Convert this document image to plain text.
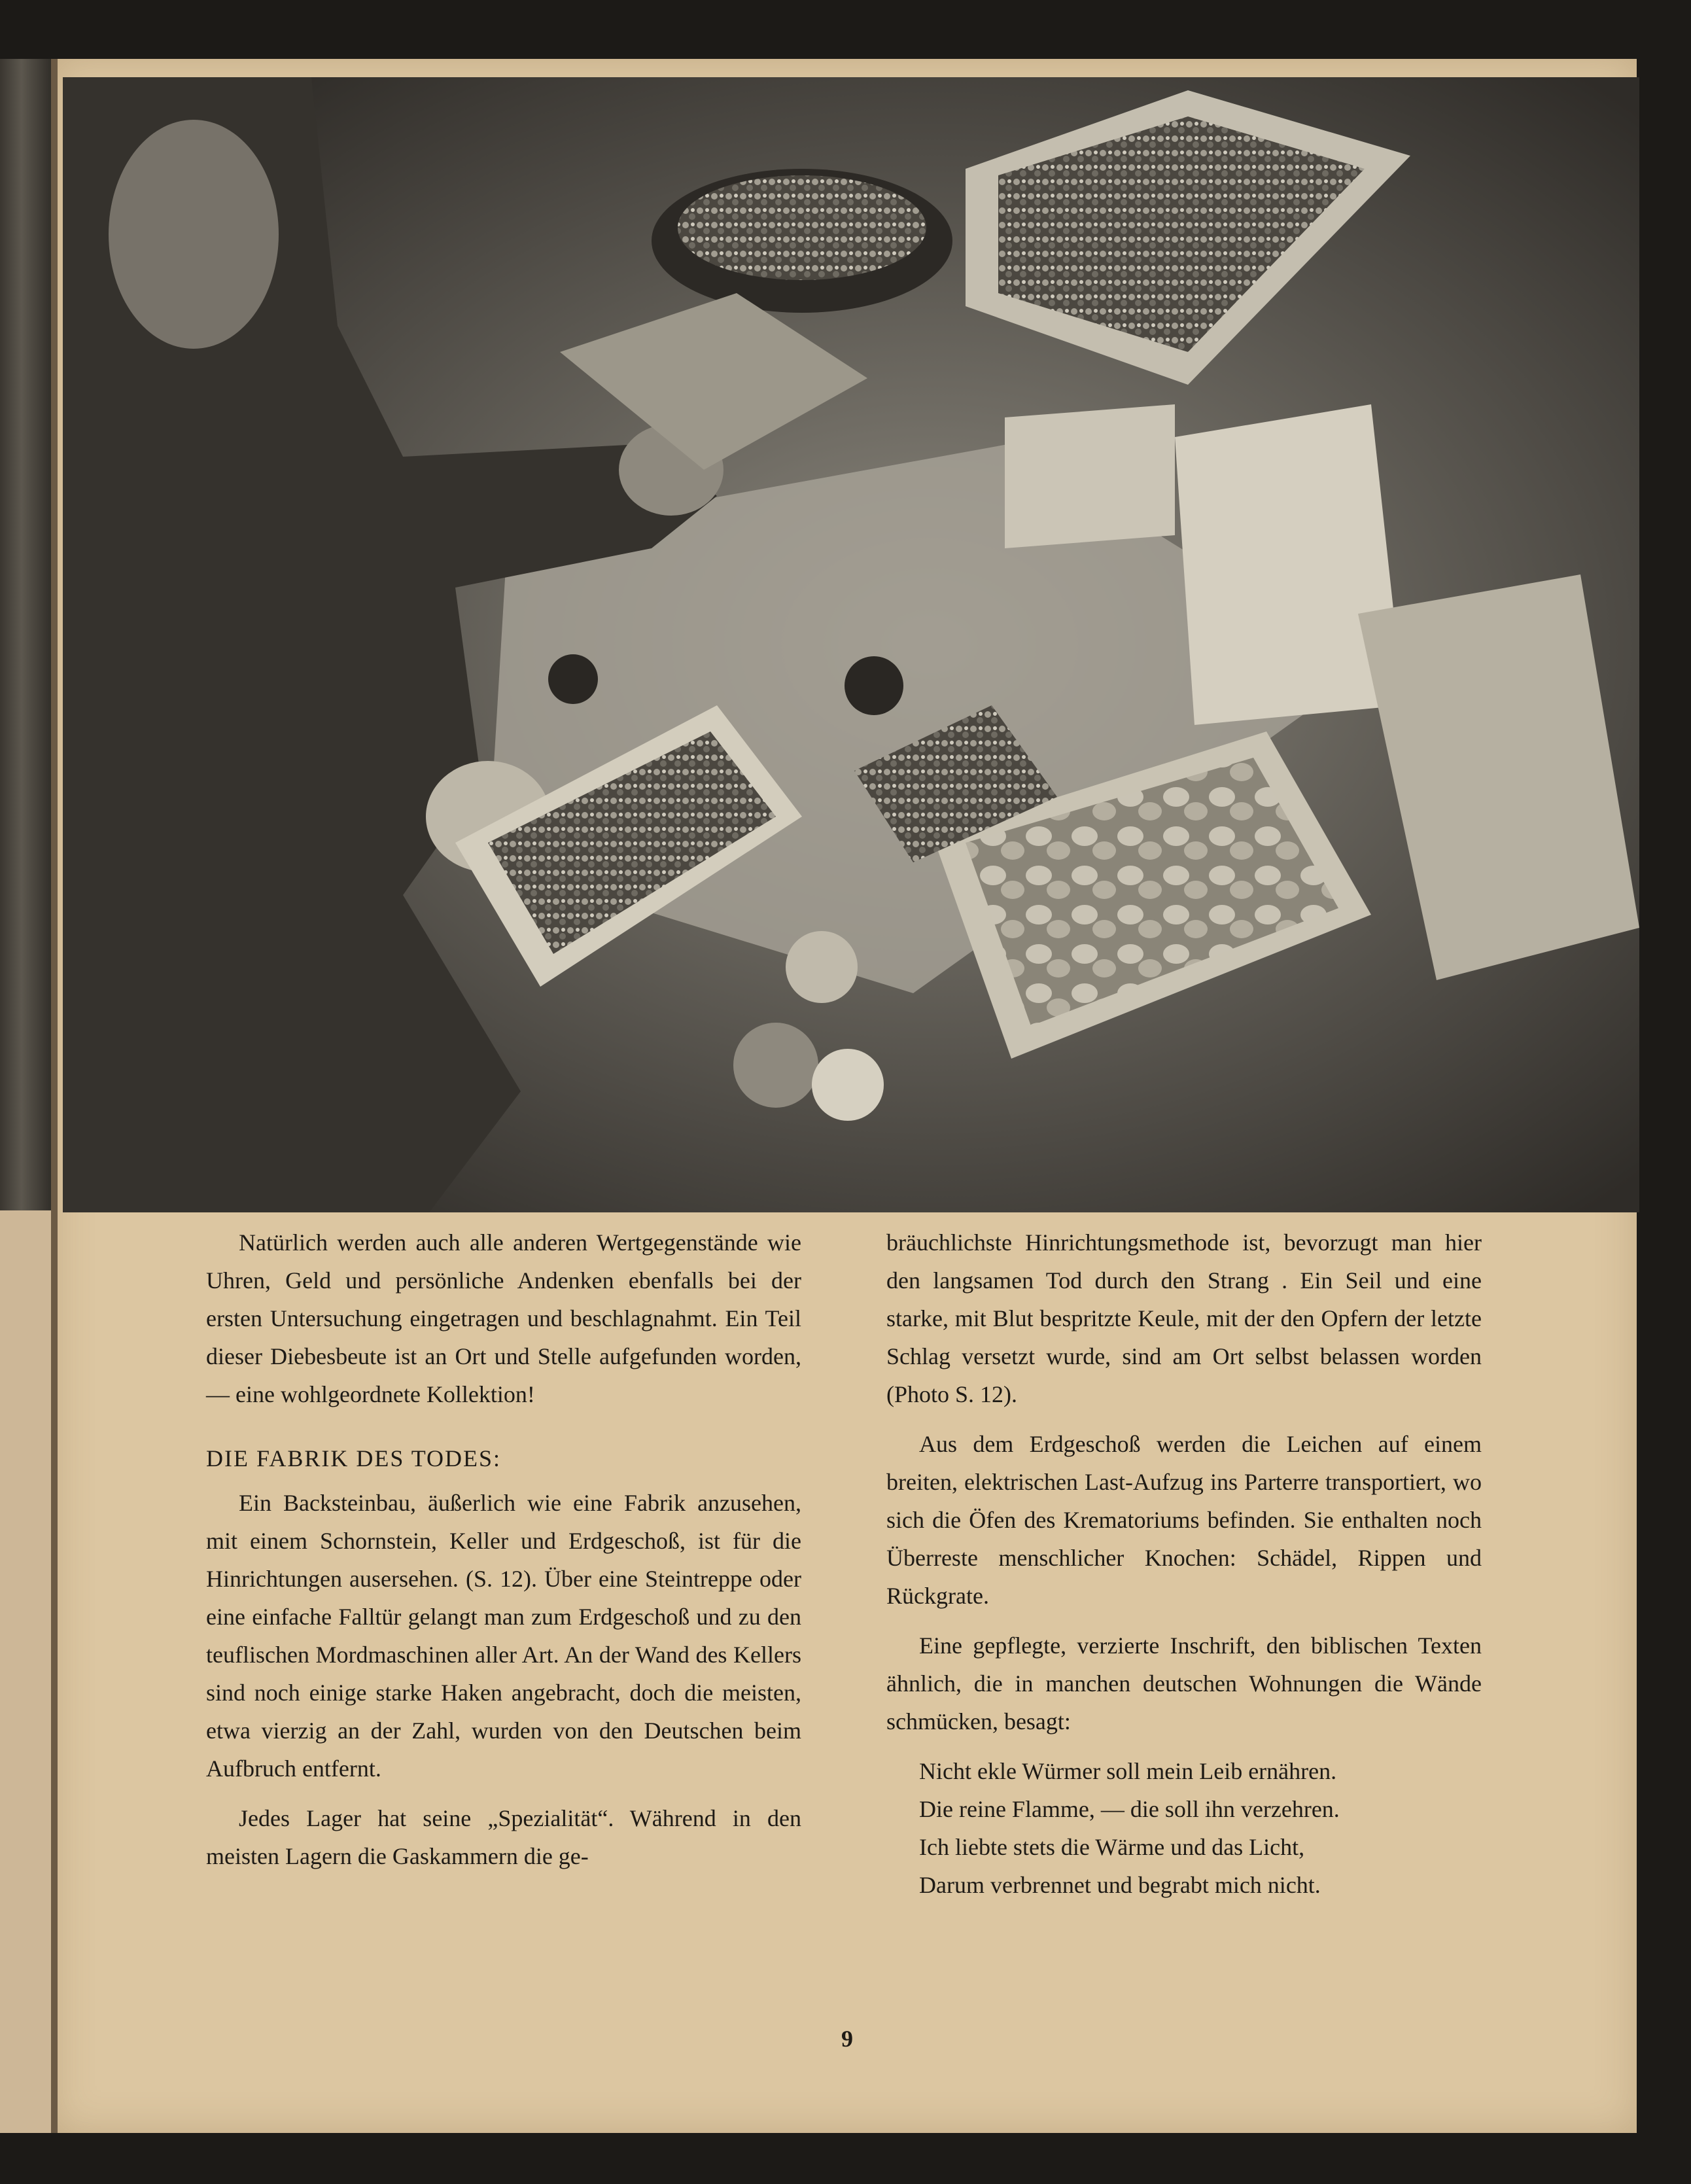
Natürlich werden auch alle anderen Wertgegenstände wie Uhren, Geld und persönliche Andenken ebenfalls bei der ersten Untersuchung eingetragen und beschlagnahmt. Ein Teil dieser Diebesbeute ist an Ort und Stelle aufgefunden worden, — eine wohlgeordnete Kollektion!

DIE FABRIK DES TODES:

Ein Backsteinbau, äußerlich wie eine Fabrik anzusehen, mit einem Schornstein, Keller und Erdgeschoß, ist für die Hinrichtungen ausersehen. (S. 12). Über eine Steintreppe oder eine einfache Falltür gelangt man zum Erdgeschoß und zu den teuflischen Mordmaschinen aller Art. An der Wand des Kellers sind noch einige starke Haken angebracht, doch die meisten, etwa vierzig an der Zahl, wurden von den Deutschen beim Aufbruch entfernt.

Jedes Lager hat seine „Spezialität“. Während in den meisten Lagern die Gaskammern die ge-

bräuchlichste Hinrichtungsmethode ist, bevorzugt man hier den langsamen Tod durch den Strang . Ein Seil und eine starke, mit Blut bespritzte Keule, mit der den Opfern der letzte Schlag versetzt wurde, sind am Ort selbst belassen worden (Photo S. 12).

Aus dem Erdgeschoß werden die Leichen auf einem breiten, elektrischen Last-Aufzug ins Parterre transportiert, wo sich die Öfen des Krematoriums befinden. Sie enthalten noch Überreste menschlicher Knochen: Schädel, Rippen und Rückgrate.

Eine gepflegte, verzierte Inschrift, den biblischen Texten ähnlich, die in manchen deutschen Wohnungen die Wände schmücken, besagt:

Nicht ekle Würmer soll mein Leib ernähren.
Die reine Flamme, — die soll ihn verzehren.
Ich liebte stets die Wärme und das Licht,
Darum verbrennet und begrabt mich nicht.
9
